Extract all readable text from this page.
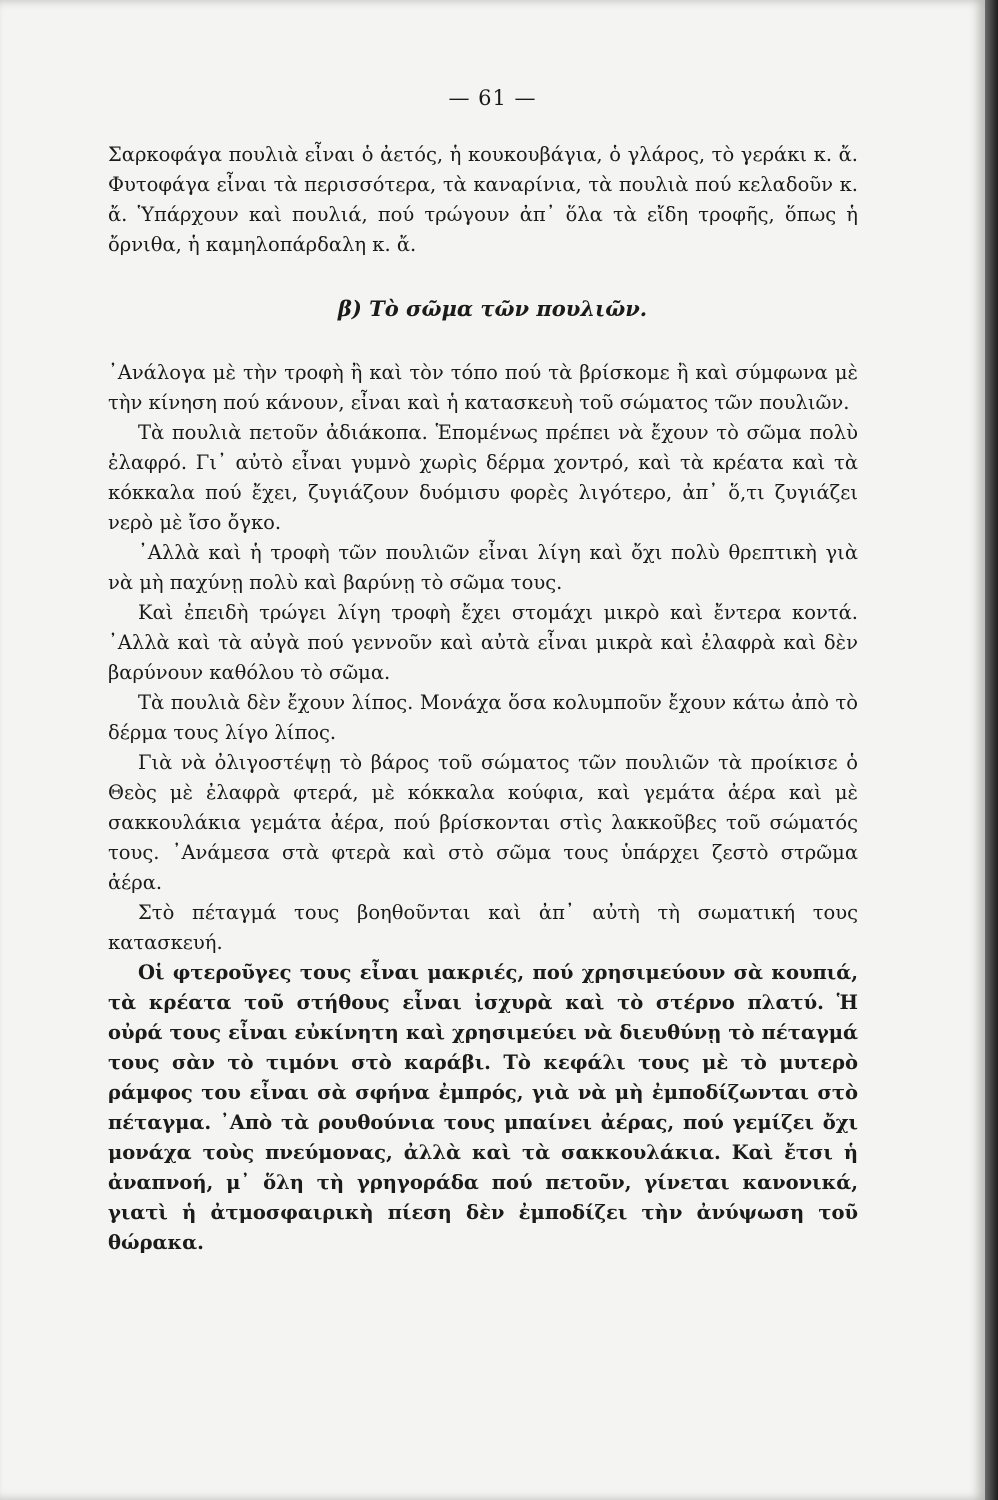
— 61 —

Σαρκοφάγα πουλιὰ εἶναι ὁ ἀετός, ἡ κουκουβάγια, ὁ γλάρος, τὸ γεράκι κ. ἄ. Φυτοφάγα εἶναι τὰ περισσότερα, τὰ καναρίνια, τὰ πουλιὰ πού κελαδοῦν κ. ἄ. Ὑπάρχουν καὶ πουλιά, πού τρώγουν ἀπ᾽ ὅλα τὰ εἴδη τροφῆς, ὅπως ἡ ὄρνιθα, ἡ καμηλοπάρδαλη κ. ἄ.

β) Τὸ σῶμα τῶν πουλιῶν.

᾿Ανάλογα μὲ τὴν τροφὴ ἢ καὶ τὸν τόπο πού τὰ βρίσκομε ἢ καὶ σύμφωνα μὲ τὴν κίνηση πού κάνουν, εἶναι καὶ ἡ κατασκευὴ τοῦ σώματος τῶν πουλιῶν.

Τὰ πουλιὰ πετοῦν ἀδιάκοπα. Ἑπομένως πρέπει νὰ ἔχουν τὸ σῶμα πολὺ ἐλαφρό. Γι᾽ αὐτὸ εἶναι γυμνὸ χωρὶς δέρμα χοντρό, καὶ τὰ κρέατα καὶ τὰ κόκκαλα πού ἔχει, ζυγιάζουν δυόμισυ φορὲς λιγότερο, ἀπ᾽ ὅ,τι ζυγιάζει νερὸ μὲ ἴσο ὄγκο.

᾿Αλλὰ καὶ ἡ τροφὴ τῶν πουλιῶν εἶναι λίγη καὶ ὄχι πολὺ θρεπτικὴ γιὰ νὰ μὴ παχύνῃ πολὺ καὶ βαρύνῃ τὸ σῶμα τους.

Καὶ ἐπειδὴ τρώγει λίγη τροφὴ ἔχει στομάχι μικρὸ καὶ ἔντερα κοντά. ᾿Αλλὰ καὶ τὰ αὐγὰ πού γεννοῦν καὶ αὐτὰ εἶναι μικρὰ καὶ ἐλαφρὰ καὶ δὲν βαρύνουν καθόλου τὸ σῶμα.

Τὰ πουλιὰ δὲν ἔχουν λίπος. Μονάχα ὅσα κολυμποῦν ἔχουν κάτω ἀπὸ τὸ δέρμα τους λίγο λίπος.

Γιὰ νὰ ὀλιγοστέψῃ τὸ βάρος τοῦ σώματος τῶν πουλιῶν τὰ προίκισε ὁ Θεὸς μὲ ἐλαφρὰ φτερά, μὲ κόκκαλα κούφια, καὶ γεμάτα ἀέρα καὶ μὲ σακκουλάκια γεμάτα ἀέρα, πού βρίσκονται στὶς λακκοῦβες τοῦ σώματός τους. ᾿Ανάμεσα στὰ φτερὰ καὶ στὸ σῶμα τους ὑπάρχει ζεστὸ στρῶμα ἀέρα.

Στὸ πέταγμά τους βοηθοῦνται καὶ ἀπ᾽ αὐτὴ τὴ σωματική τους κατασκευή.

Οἱ φτεροῦγες τους εἶναι μακριές, πού χρησιμεύουν σὰ κουπιά, τὰ κρέατα τοῦ στήθους εἶναι ἰσχυρὰ καὶ τὸ στέρνο πλατύ. Ἡ οὐρά τους εἶναι εὐκίνητη καὶ χρησιμεύει νὰ διευθύνῃ τὸ πέταγμά τους σὰν τὸ τιμόνι στὸ καράβι. Τὸ κεφάλι τους μὲ τὸ μυτερὸ ράμφος του εἶναι σὰ σφήνα ἐμπρός, γιὰ νὰ μὴ ἐμποδίζωνται στὸ πέταγμα. ᾿Απὸ τὰ ρουθούνια τους μπαίνει ἀέρας, πού γεμίζει ὄχι μονάχα τοὺς πνεύμονας, ἀλλὰ καὶ τὰ σακκουλάκια. Καὶ ἔτσι ἡ ἀναπνοή, μ᾽ ὅλη τὴ γρηγοράδα πού πετοῦν, γίνεται κανονικά, γιατὶ ἡ ἀτμοσφαιρικὴ πίεση δὲν ἐμποδίζει τὴν ἀνύψωση τοῦ θώρακα.
